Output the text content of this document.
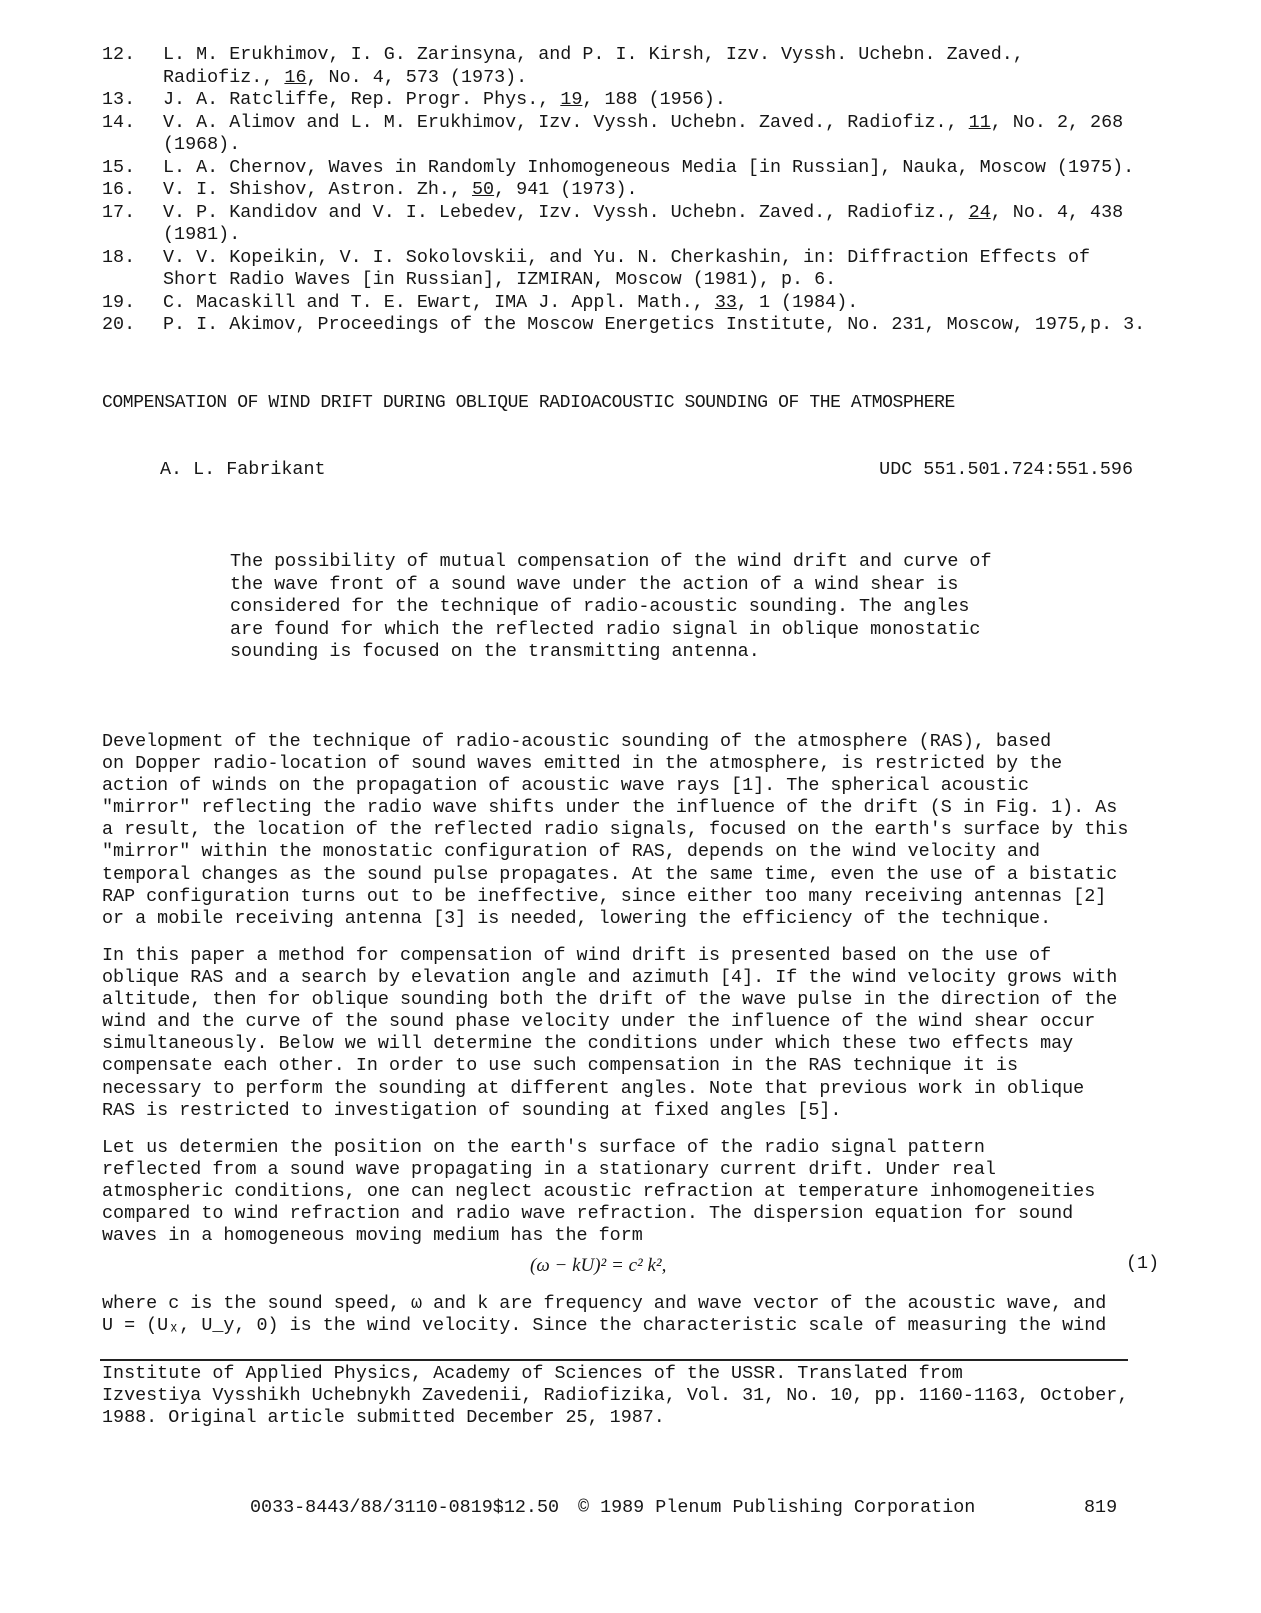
12.	L. M. Erukhimov, I. G. Zarinsyna, and P. I. Kirsh, Izv. Vyssh. Uchebn. Zaved.,
Radiofiz., 16, No. 4, 573 (1973).
13.	J. A. Ratcliffe, Rep. Progr. Phys., 19, 188 (1956).
14.	V. A. Alimov and L. M. Erukhimov, Izv. Vyssh. Uchebn. Zaved., Radiofiz., 11, No. 2, 268
(1968).
15.	L. A. Chernov, Waves in Randomly Inhomogeneous Media [in Russian], Nauka, Moscow (1975).
16.	V. I. Shishov, Astron. Zh., 50, 941 (1973).
17.	V. P. Kandidov and V. I. Lebedev, Izv. Vyssh. Uchebn. Zaved., Radiofiz., 24, No. 4, 438
(1981).
18.	V. V. Kopeikin, V. I. Sokolovskii, and Yu. N. Cherkashin, in: Diffraction Effects of
Short Radio Waves [in Russian], IZMIRAN, Moscow (1981), p. 6.
19.	C. Macaskill and T. E. Ewart, IMA J. Appl. Math., 33, 1 (1984).
20.	P. I. Akimov, Proceedings of the Moscow Energetics Institute, No. 231, Moscow, 1975,p. 3.
COMPENSATION OF WIND DRIFT DURING OBLIQUE RADIOACOUSTIC SOUNDING OF THE ATMOSPHERE
A. L. Fabrikant	UDC 551.501.724:551.596
The possibility of mutual compensation of the wind drift and curve of
the wave front of a sound wave under the action of a wind shear is
considered for the technique of radio-acoustic sounding. The angles
are found for which the reflected radio signal in oblique monostatic
sounding is focused on the transmitting antenna.
Development of the technique of radio-acoustic sounding of the atmosphere (RAS), based
on Dopper radio-location of sound waves emitted in the atmosphere, is restricted by the
action of winds on the propagation of acoustic wave rays [1]. The spherical acoustic
"mirror" reflecting the radio wave shifts under the influence of the drift (S in Fig. 1). As
a result, the location of the reflected radio signals, focused on the earth's surface by this
"mirror" within the monostatic configuration of RAS, depends on the wind velocity and
temporal changes as the sound pulse propagates. At the same time, even the use of a bistatic
RAP configuration turns out to be ineffective, since either too many receiving antennas [2]
or a mobile receiving antenna [3] is needed, lowering the efficiency of the technique.
In this paper a method for compensation of wind drift is presented based on the use of
oblique RAS and a search by elevation angle and azimuth [4]. If the wind velocity grows with
altitude, then for oblique sounding both the drift of the wave pulse in the direction of the
wind and the curve of the sound phase velocity under the influence of the wind shear occur
simultaneously. Below we will determine the conditions under which these two effects may
compensate each other. In order to use such compensation in the RAS technique it is
necessary to perform the sounding at different angles. Note that previous work in oblique
RAS is restricted to investigation of sounding at fixed angles [5].
Let us determien the position on the earth's surface of the radio signal pattern
reflected from a sound wave propagating in a stationary current drift. Under real
atmospheric conditions, one can neglect acoustic refraction at temperature inhomogeneities
compared to wind refraction and radio wave refraction. The dispersion equation for sound
waves in a homogeneous moving medium has the form
(ω − kU)² = c² k²,	(1)
where c is the sound speed, ω and k are frequency and wave vector of the acoustic wave, and
U = (Uₓ, U_y, 0) is the wind velocity. Since the characteristic scale of measuring the wind
Institute of Applied Physics, Academy of Sciences of the USSR. Translated from
Izvestiya Vysshikh Uchebnykh Zavedenii, Radiofizika, Vol. 31, No. 10, pp. 1160-1163, October,
1988. Original article submitted December 25, 1987.
0033-8443/88/3110-0819$12.50 © 1989 Plenum Publishing Corporation	819
